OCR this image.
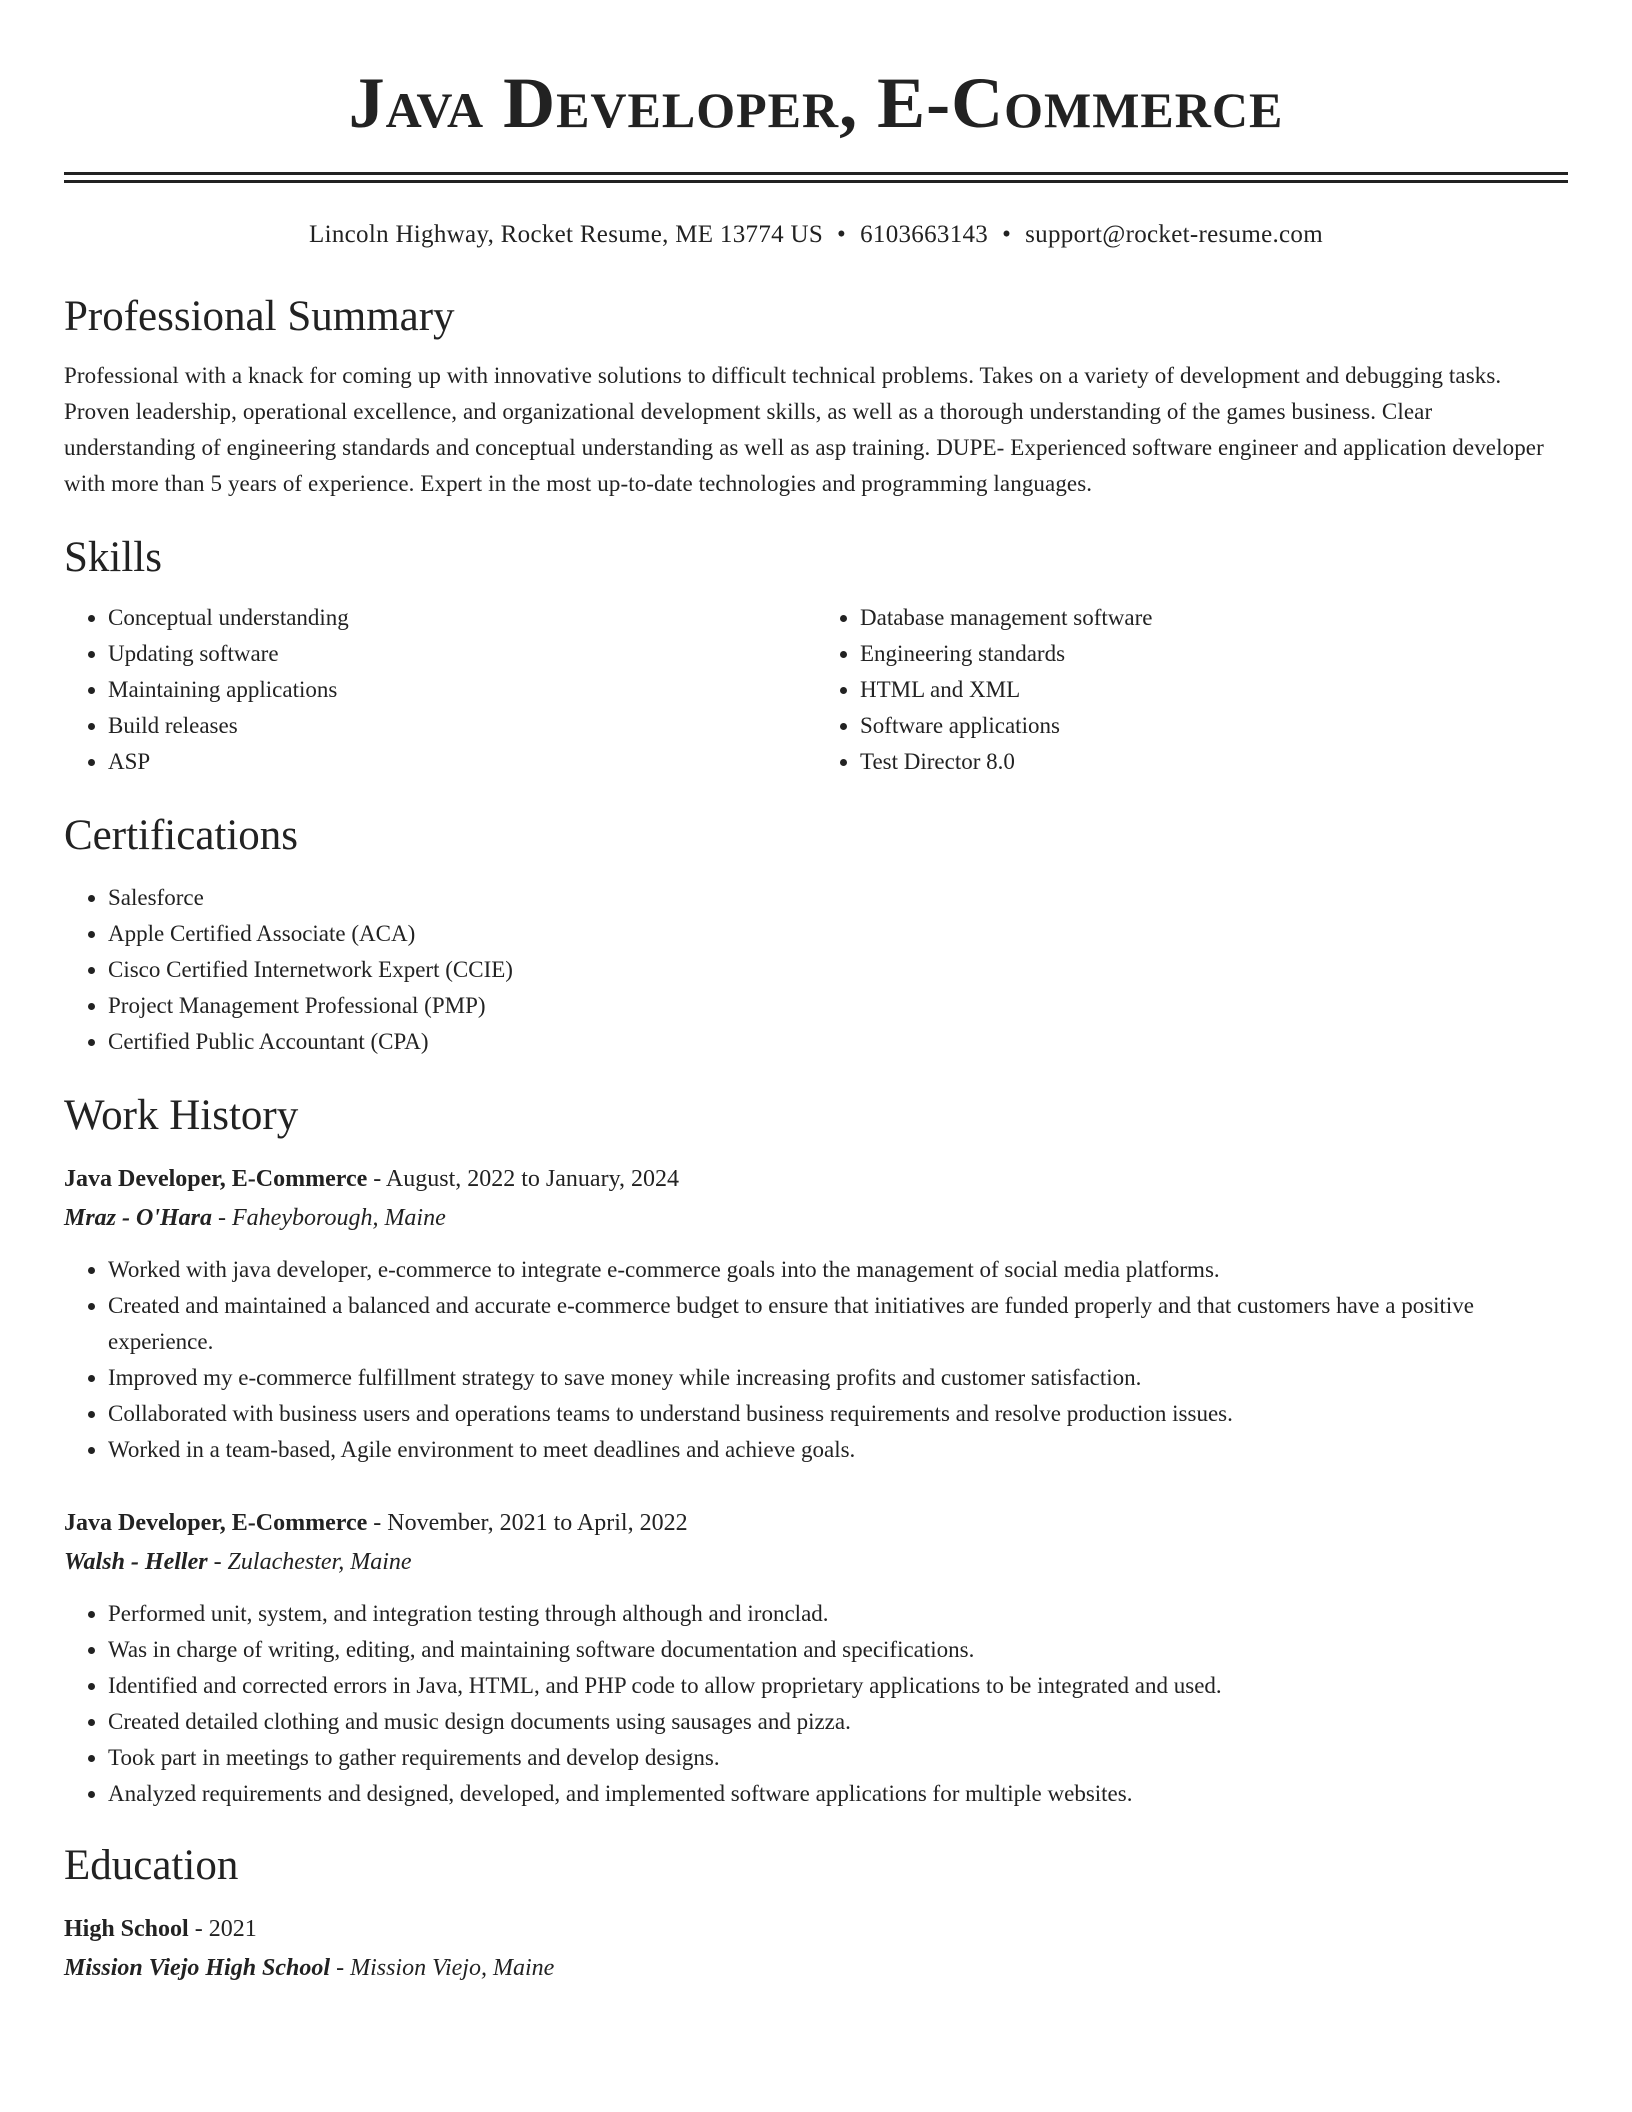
Java Developer, E-Commerce
Lincoln Highway, Rocket Resume, ME 13774 US • 6103663143 • support@rocket-resume.com
Professional Summary

Professional with a knack for coming up with innovative solutions to difficult technical problems. Takes on a variety of development and debugging tasks. Proven leadership, operational excellence, and organizational development skills, as well as a thorough understanding of the games business. Clear understanding of engineering standards and conceptual understanding as well as asp training. DUPE- Experienced software engineer and application developer with more than 5 years of experience. Expert in the most up-to-date technologies and programming languages.

Skills
• Conceptual understanding
• Updating software
• Maintaining applications
• Build releases
• ASP
• Database management software
• Engineering standards
• HTML and XML
• Software applications
• Test Director 8.0
Certifications
• Salesforce
• Apple Certified Associate (ACA)
• Cisco Certified Internetwork Expert (CCIE)
• Project Management Professional (PMP)
• Certified Public Accountant (CPA)
Work History
Java Developer, E-Commerce - August, 2022 to January, 2024
Mraz - O'Hara - Faheyborough, Maine
• Worked with java developer, e-commerce to integrate e-commerce goals into the management of social media platforms.
• Created and maintained a balanced and accurate e-commerce budget to ensure that initiatives are funded properly and that customers have a positive experience.
• Improved my e-commerce fulfillment strategy to save money while increasing profits and customer satisfaction.
• Collaborated with business users and operations teams to understand business requirements and resolve production issues.
• Worked in a team-based, Agile environment to meet deadlines and achieve goals.
Java Developer, E-Commerce - November, 2021 to April, 2022
Walsh - Heller - Zulachester, Maine
• Performed unit, system, and integration testing through although and ironclad.
• Was in charge of writing, editing, and maintaining software documentation and specifications.
• Identified and corrected errors in Java, HTML, and PHP code to allow proprietary applications to be integrated and used.
• Created detailed clothing and music design documents using sausages and pizza.
• Took part in meetings to gather requirements and develop designs.
• Analyzed requirements and designed, developed, and implemented software applications for multiple websites.
Education
High School - 2021
Mission Viejo High School - Mission Viejo, Maine
